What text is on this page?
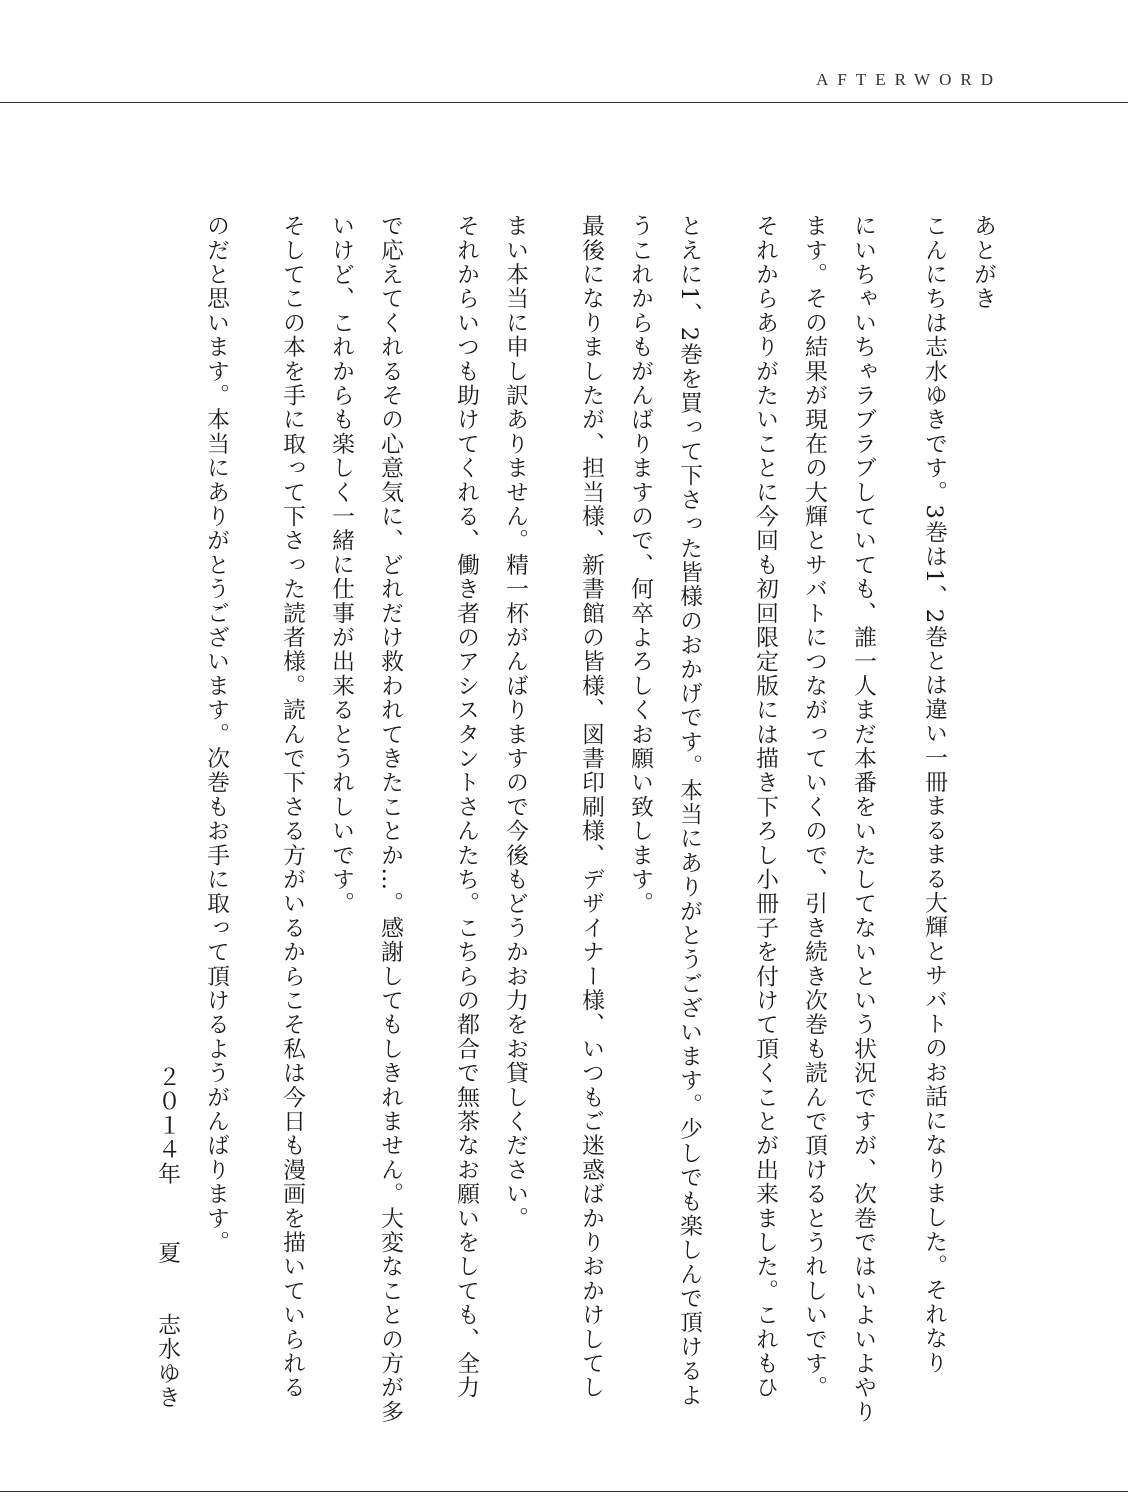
AFTERWORD

あとがき

こんにちは志水ゆきです。3巻は1、2巻とは違い一冊まるまる大輝とサバトのお話になりました。それなり

にいちゃいちゃラブラブしていても、誰一人まだ本番をいたしてないという状況ですが、次巻ではいよいよやり

ます。その結果が現在の大輝とサバトにつながっていくので、引き続き次巻も読んで頂けるとうれしいです。

それからありがたいことに今回も初回限定版には描き下ろし小冊子を付けて頂くことが出来ました。これもひ

とえに1、2巻を買って下さった皆様のおかげです。本当にありがとうございます。少しでも楽しんで頂けるよ

うこれからもがんばりますので、何卒よろしくお願い致します。

最後になりましたが、担当様、新書館の皆様、図書印刷様、デザイナー様、いつもご迷惑ばかりおかけしてし

まい本当に申し訳ありません。精一杯がんばりますので今後もどうかお力をお貸しください。

それからいつも助けてくれる、働き者のアシスタントさんたち。こちらの都合で無茶なお願いをしても、全力

で応えてくれるその心意気に、どれだけ救われてきたことか…。感謝してもしきれません。大変なことの方が多

いけど、これからも楽しく一緒に仕事が出来るとうれしいです。

そしてこの本を手に取って下さった読者様。読んで下さる方がいるからこそ私は今日も漫画を描いていられる

のだと思います。本当にありがとうございます。次巻もお手に取って頂けるようがんばります。

２０１４年夏志水ゆき
